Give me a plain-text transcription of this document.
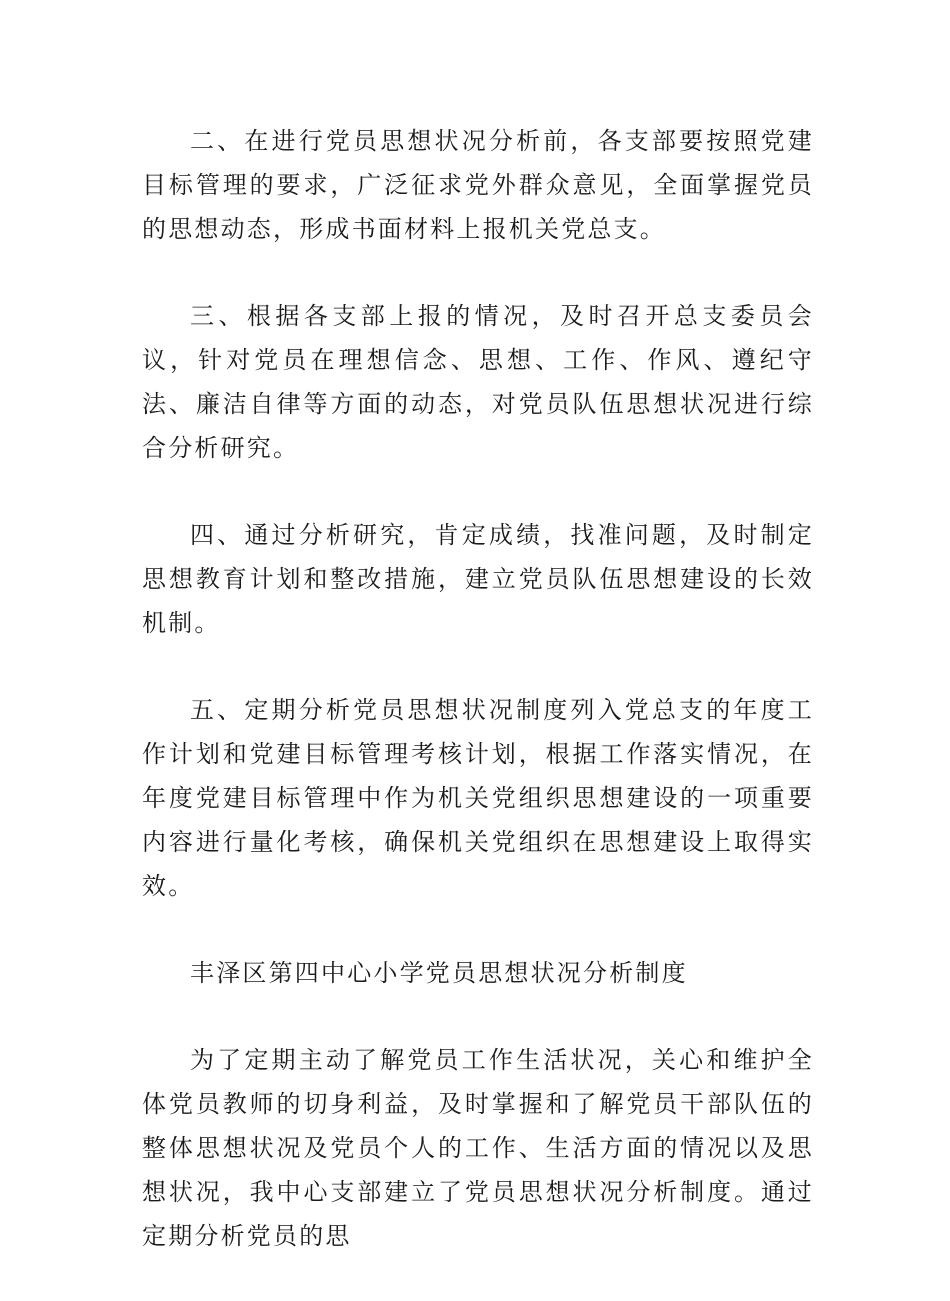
二、在进行党员思想状况分析前，各支部要按照党建目标管理的要求，广泛征求党外群众意见，全面掌握党员的思想动态，形成书面材料上报机关党总支。

三、根据各支部上报的情况，及时召开总支委员会议，针对党员在理想信念、思想、工作、作风、遵纪守法、廉洁自律等方面的动态，对党员队伍思想状况进行综合分析研究。

四、通过分析研究，肯定成绩，找准问题，及时制定思想教育计划和整改措施，建立党员队伍思想建设的长效机制。

五、定期分析党员思想状况制度列入党总支的年度工作计划和党建目标管理考核计划，根据工作落实情况，在年度党建目标管理中作为机关党组织思想建设的一项重要内容进行量化考核，确保机关党组织在思想建设上取得实效。

丰泽区第四中心小学党员思想状况分析制度

为了定期主动了解党员工作生活状况，关心和维护全体党员教师的切身利益，及时掌握和了解党员干部队伍的整体思想状况及党员个人的工作、生活方面的情况以及思想状况，我中心支部建立了党员思想状况分析制度。通过定期分析党员的思
